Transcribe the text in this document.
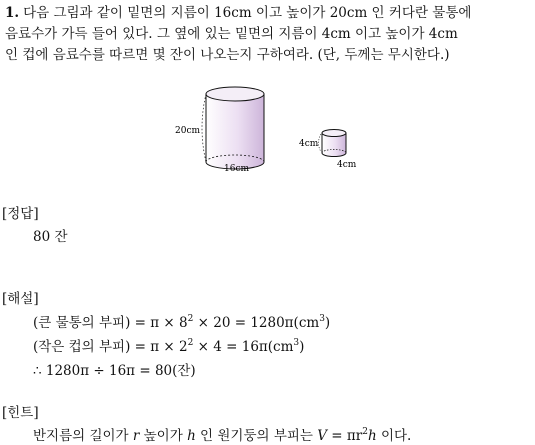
1. 다음 그림과 같이 밑면의 지름이 16cm 이고 높이가 20cm 인 커다란 물통에
음료수가 가득 들어 있다. 그 옆에 있는 밑면의 지름이 4cm 이고 높이가 4cm
인 컵에 음료수를 따르면 몇 잔이 나오는지 구하여라. (단, 두께는 무시한다.)
20cm
16cm
4cm
4cm
[정답]
80 잔
[해설]
(큰 물통의 부피) = $\pi \times 8^2 \times 20 = 1280\pi(cm^3)$
(작은 컵의 부피) = $\pi \times 2^2 \times 4 = 16\pi(cm^3)$
∴ 1280π ÷ 16π = 80(잔)
[힌트]
반지름의 길이가 r 높이가 h 인 원기둥의 부피는 $V = \pi r^2h$ 이다.
